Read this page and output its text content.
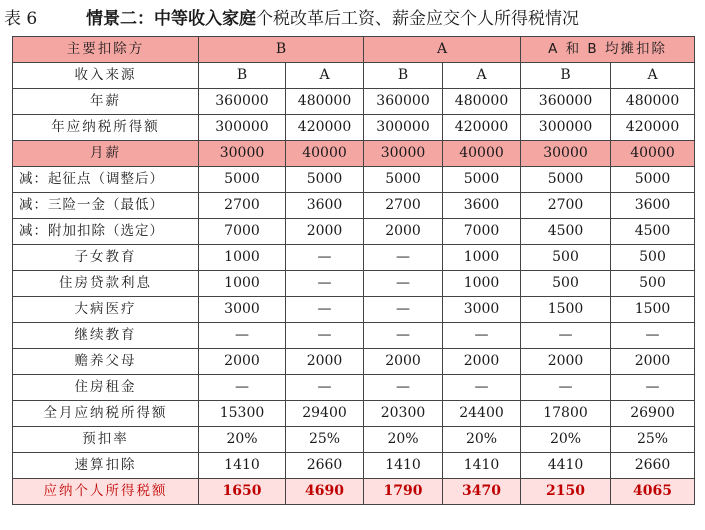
表 6	情景二：中等收入家庭个税改革后工资、薪金应交个人所得税情况
主要扣除方	B		A		A 和 B 均摊扣除	
收入来源	B	A	B	A	B	A
年薪	360000	480000	360000	480000	360000	480000
年应纳税所得额	300000	420000	300000	420000	300000	420000
月薪	30000	40000	30000	40000	30000	40000
减：起征点（调整后）	5000	5000	5000	5000	5000	5000
减：三险一金（最低）	2700	3600	2700	3600	2700	3600
减：附加扣除（选定）	7000	2000	2000	7000	4500	4500
子女教育	1000	—	—	1000	500	500
住房贷款利息	1000	—	—	1000	500	500
大病医疗	3000	—	—	3000	1500	1500
继续教育	—	—	—	—	—	—
赡养父母	2000	2000	2000	2000	2000	2000
住房租金	—	—	—	—	—	—
全月应纳税所得额	15300	29400	20300	24400	17800	26900
预扣率	20%	25%	20%	20%	20%	25%
速算扣除	1410	2660	1410	1410	4410	2660
应纳个人所得税额	1650	4690	1790	3470	2150	4065
